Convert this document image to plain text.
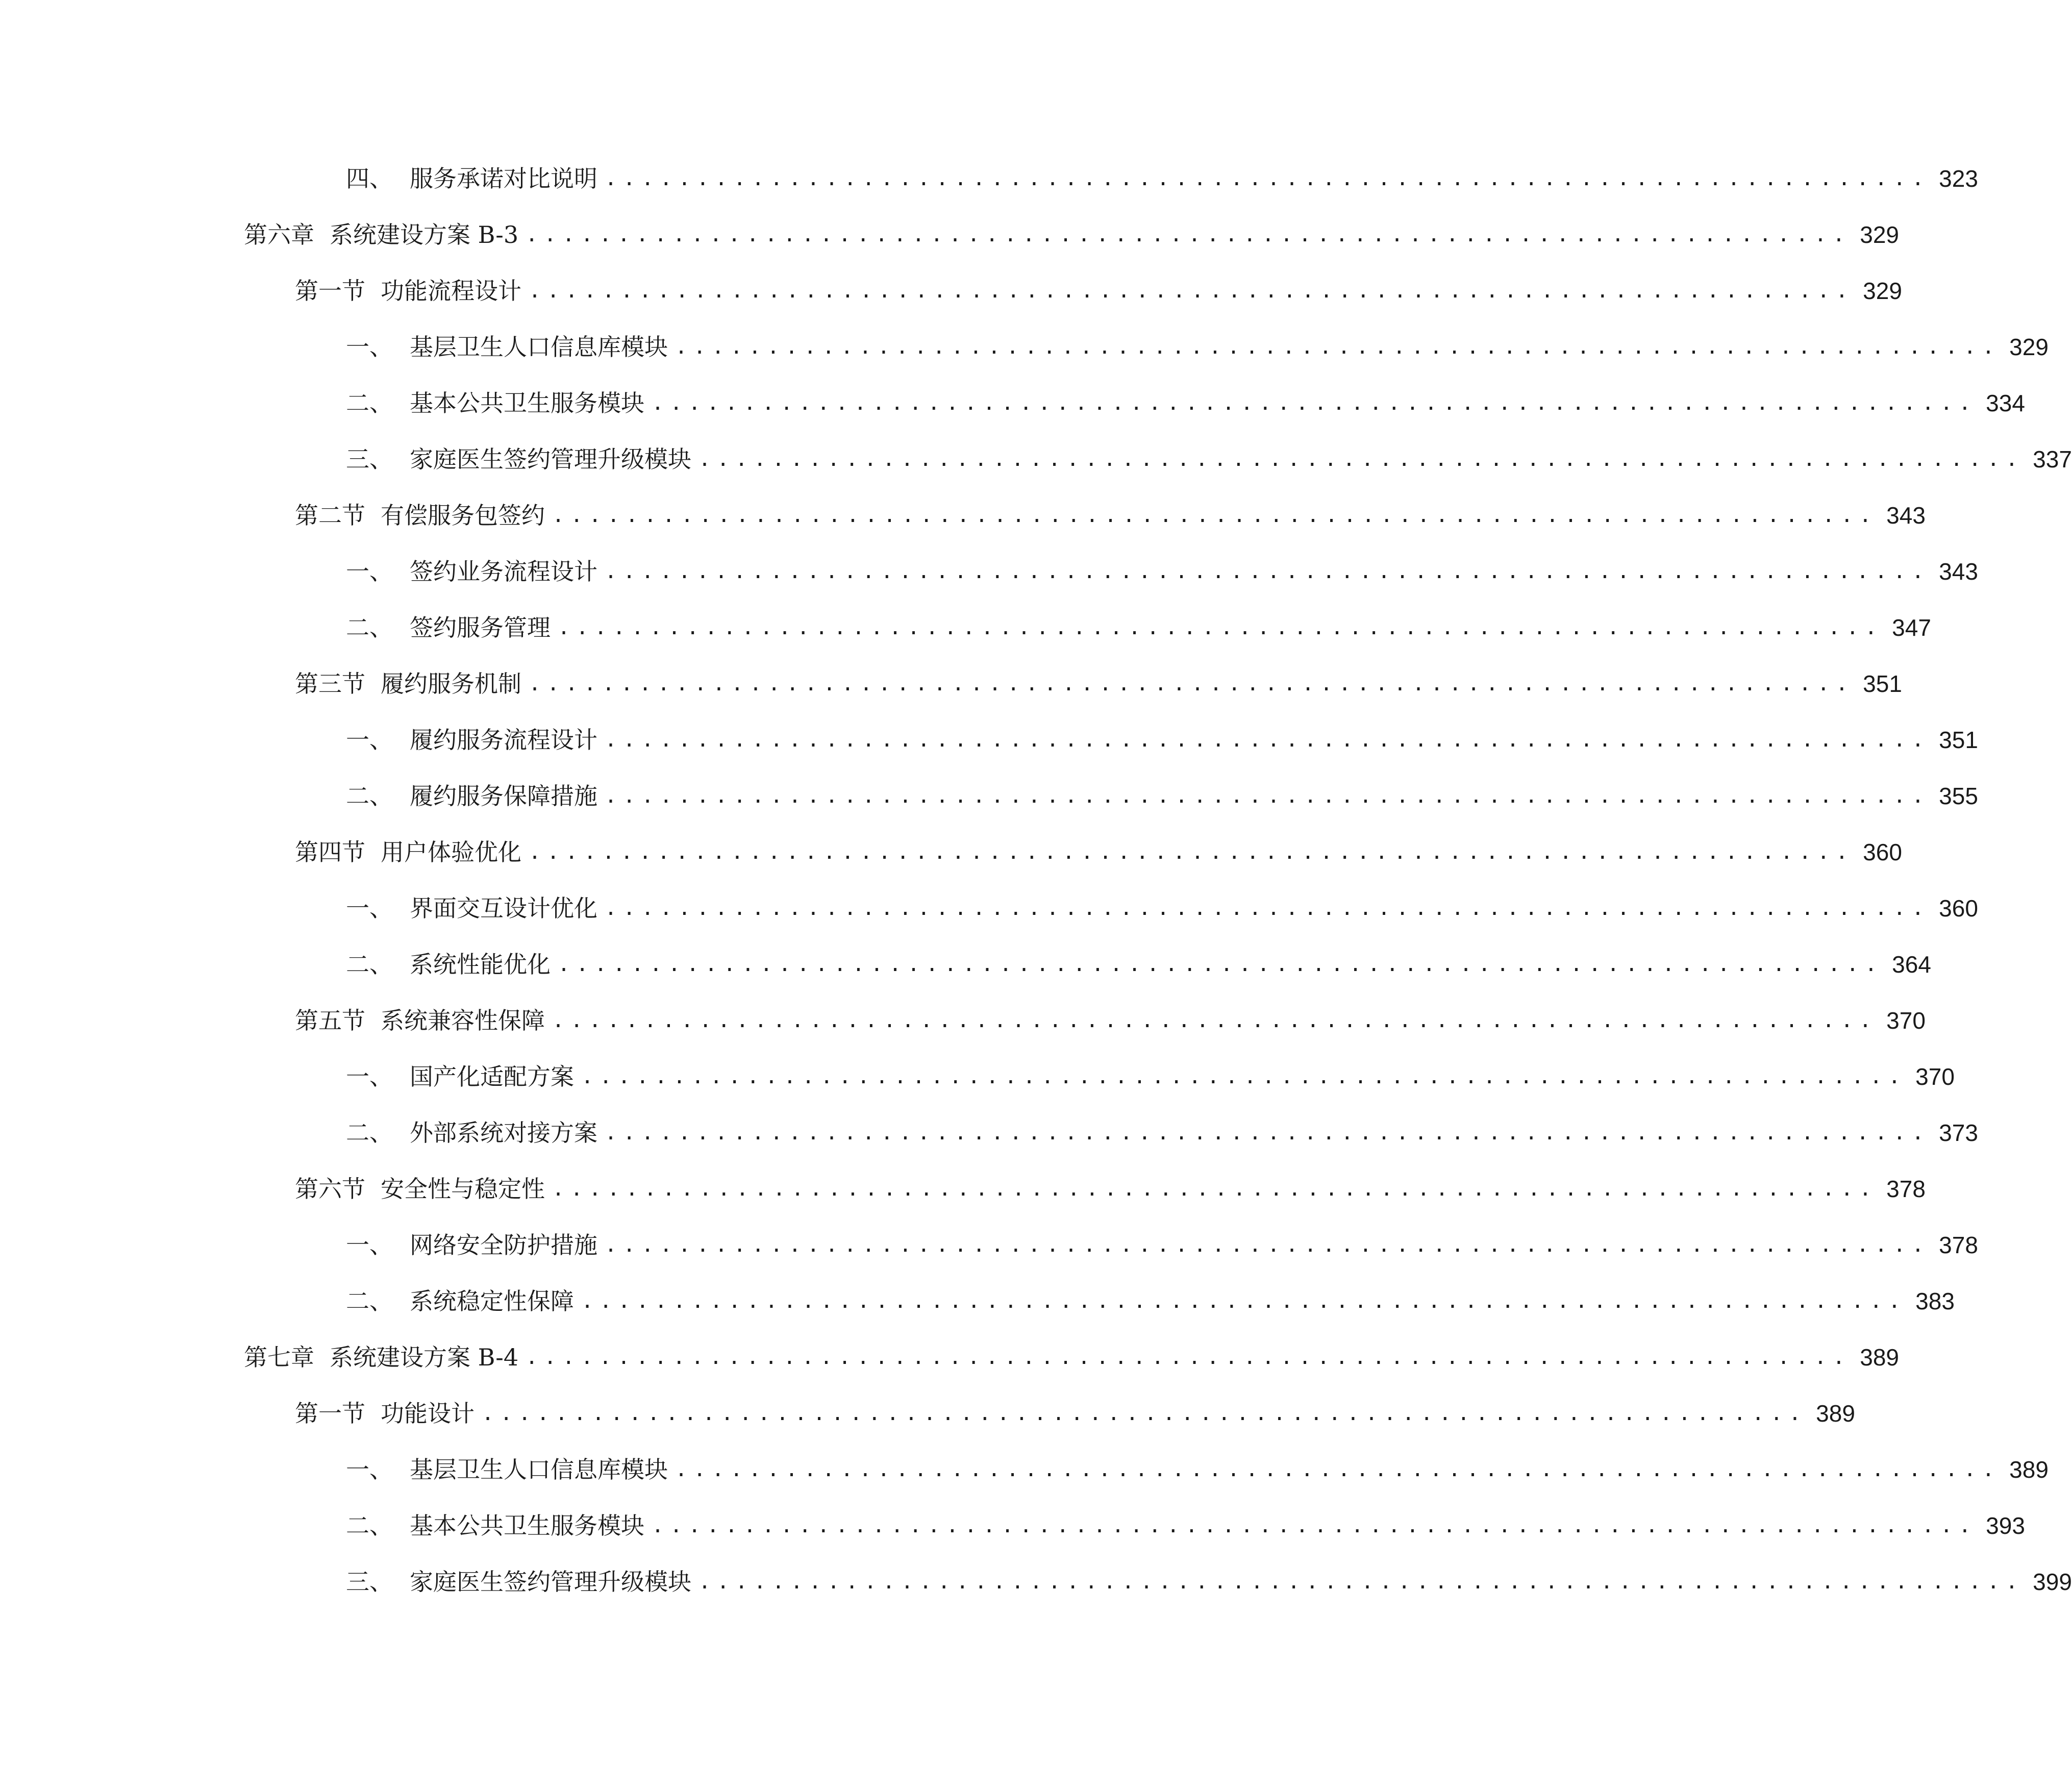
四、 服务承诺对比说明 ........................................................................ 323
第六章 系统建设方案 B-3 ........................................................................ 329
第一节 功能流程设计 ........................................................................ 329
一、 基层卫生人口信息库模块 ........................................................................ 329
二、 基本公共卫生服务模块 ........................................................................ 334
三、 家庭医生签约管理升级模块 ........................................................................ 337
第二节 有偿服务包签约 ........................................................................ 343
一、 签约业务流程设计 ........................................................................ 343
二、 签约服务管理 ........................................................................ 347
第三节 履约服务机制 ........................................................................ 351
一、 履约服务流程设计 ........................................................................ 351
二、 履约服务保障措施 ........................................................................ 355
第四节 用户体验优化 ........................................................................ 360
一、 界面交互设计优化 ........................................................................ 360
二、 系统性能优化 ........................................................................ 364
第五节 系统兼容性保障 ........................................................................ 370
一、 国产化适配方案 ........................................................................ 370
二、 外部系统对接方案 ........................................................................ 373
第六节 安全性与稳定性 ........................................................................ 378
一、 网络安全防护措施 ........................................................................ 378
二、 系统稳定性保障 ........................................................................ 383
第七章 系统建设方案 B-4 ........................................................................ 389
第一节 功能设计 ........................................................................ 389
一、 基层卫生人口信息库模块 ........................................................................ 389
二、 基本公共卫生服务模块 ........................................................................ 393
三、 家庭医生签约管理升级模块 ........................................................................ 399
